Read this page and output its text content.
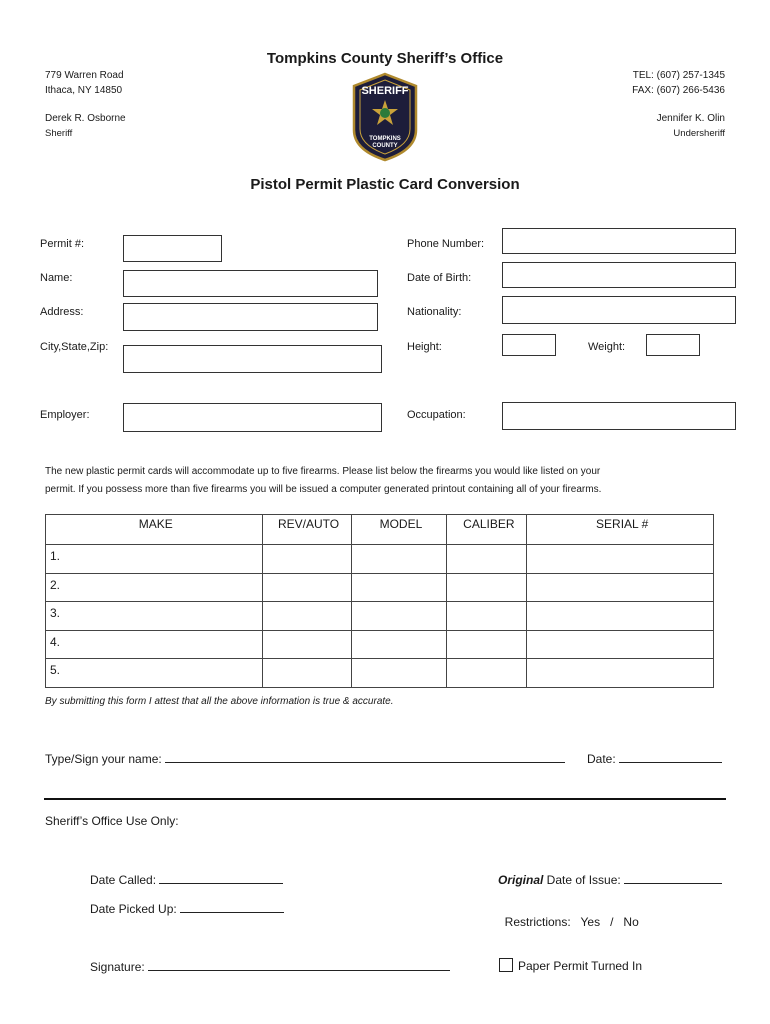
Tompkins County Sheriff’s Office
779 Warren Road
Ithaca, NY 14850
Derek R. Osborne
Sheriff
TEL: (607) 257-1345
FAX: (607) 266-5436
Jennifer K. Olin
Undersheriff
SHERIFF
TOMPKINS
COUNTY
Pistol Permit Plastic Card Conversion
Permit #:
Name:
Address:
City,State,Zip:
Employer:
Phone Number:
Date of Birth:
Nationality:
Height:	Weight:
Occupation:
The new plastic permit cards will accommodate up to five firearms. Please list below the firearms you would like listed on your
permit. If you possess more than five firearms you will be issued a computer generated printout containing all of your firearms.
MAKE	REV/AUTO	MODEL	CALIBER	SERIAL #
1.				
2.				
3.				
4.				
5.				
By submitting this form I attest that all the above information is true & accurate.
Type/Sign your name:	Date:
Sheriff’s Office Use Only:
Date Called:
Date Picked Up:
Signature:
Original Date of Issue:

Restrictions: Yes   /   No

Paper Permit Turned In
